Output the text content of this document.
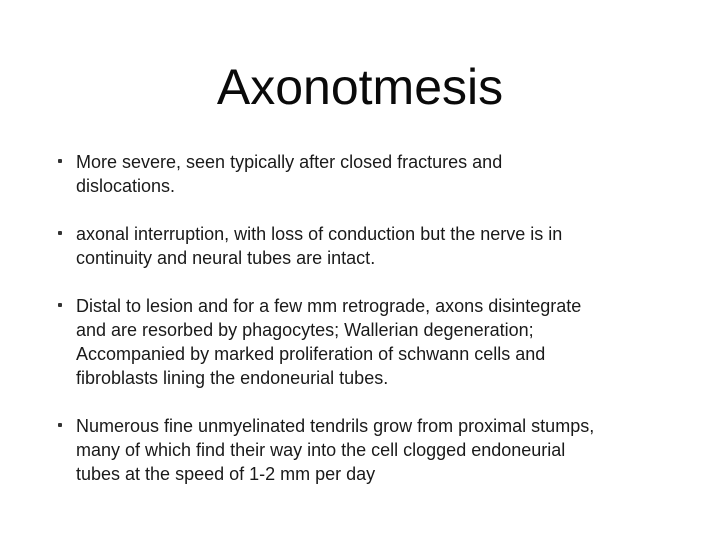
Axonotmesis
More severe, seen typically after closed fractures and
dislocations.
axonal interruption, with loss of conduction but the nerve is in
continuity and neural tubes are intact.
Distal to lesion and for a few mm retrograde, axons disintegrate
and are resorbed by phagocytes; Wallerian degeneration;
Accompanied by marked proliferation of schwann cells and
fibroblasts lining the endoneurial tubes.
Numerous fine unmyelinated tendrils grow from proximal stumps,
many of which find their way into the cell clogged endoneurial
tubes at the speed of 1-2 mm per day
